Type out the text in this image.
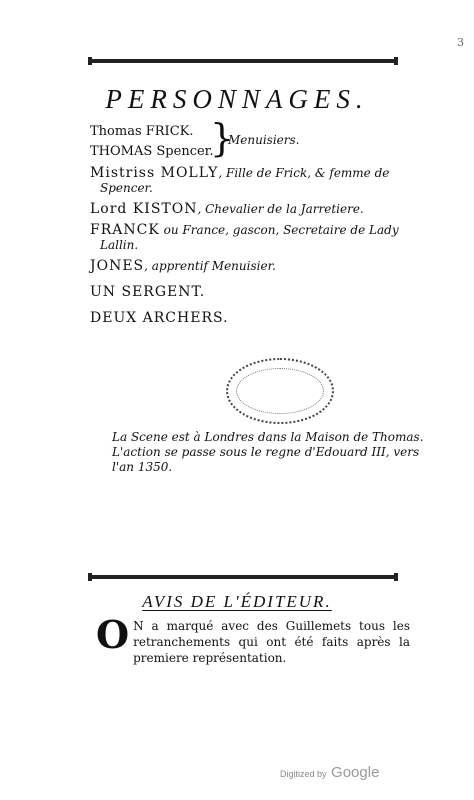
3
PERSONNAGES.
Thomas FRICK.
THOMAS Spencer.
}
Menuisiers.
Mistriss MOLLY, Fille de Frick, & femme de
Spencer.
Lord KISTON, Chevalier de la Jarretiere.
FRANCK ou France, gascon, Secretaire de Lady
Lallin.
JONES, apprentif Menuisier.
UN SERGENT.
DEUX ARCHERS.
La Scene est à Londres dans la Maison de Thomas. L'action se passe sous le regne d'Edouard III, vers l'an 1350.
AVIS DE L'ÉDITEUR.
O N a marqué avec des Guillemets tous les retranchements qui ont été faits après la premiere représentation.
Digitized by Google
